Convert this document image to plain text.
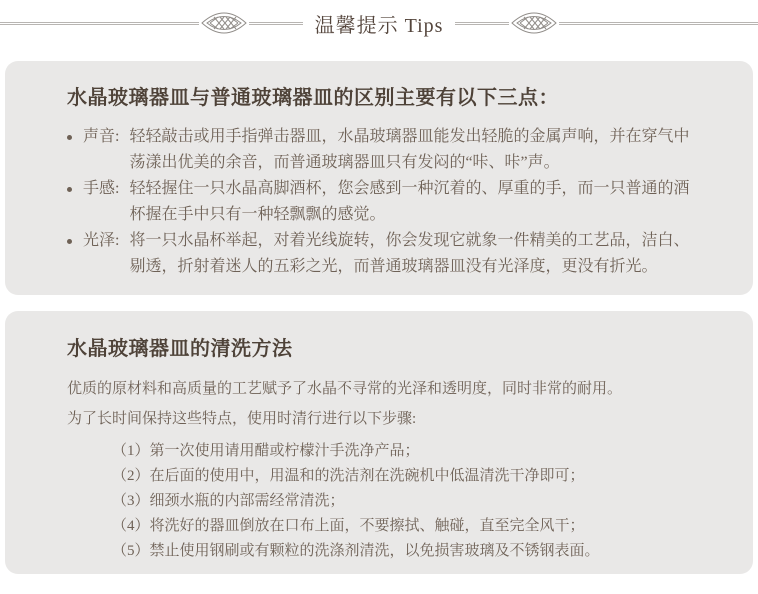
温馨提示 Tips
水晶玻璃器皿与普通玻璃器皿的区别主要有以下三点：
声音: 轻轻敲击或用手指弹击器皿，水晶玻璃器皿能发出轻脆的金属声响，并在穿气中荡漾出优美的余音，而普通玻璃器皿只有发闷的“咔、咔”声。
手感: 轻轻握住一只水晶高脚酒杯，您会感到一种沉着的、厚重的手，而一只普通的酒杯握在手中只有一种轻飘飘的感觉。
光泽: 将一只水晶杯举起，对着光线旋转，你会发现它就象一件精美的工艺品，洁白、剔透，折射着迷人的五彩之光，而普通玻璃器皿没有光泽度，更没有折光。
水晶玻璃器皿的清洗方法
优质的原材料和高质量的工艺赋予了水晶不寻常的光泽和透明度，同时非常的耐用。
为了长时间保持这些特点，使用时清行进行以下步骤:
（1）第一次使用请用醋或柠檬汁手洗净产品；
（2）在后面的使用中，用温和的洗洁剂在洗碗机中低温清洗干净即可；
（3）细颈水瓶的内部需经常清洗；
（4）将洗好的器皿倒放在口布上面，不要擦拭、触碰，直至完全风干；
（5）禁止使用钢刷或有颗粒的洗涤剂清洗，以免损害玻璃及不锈钢表面。
